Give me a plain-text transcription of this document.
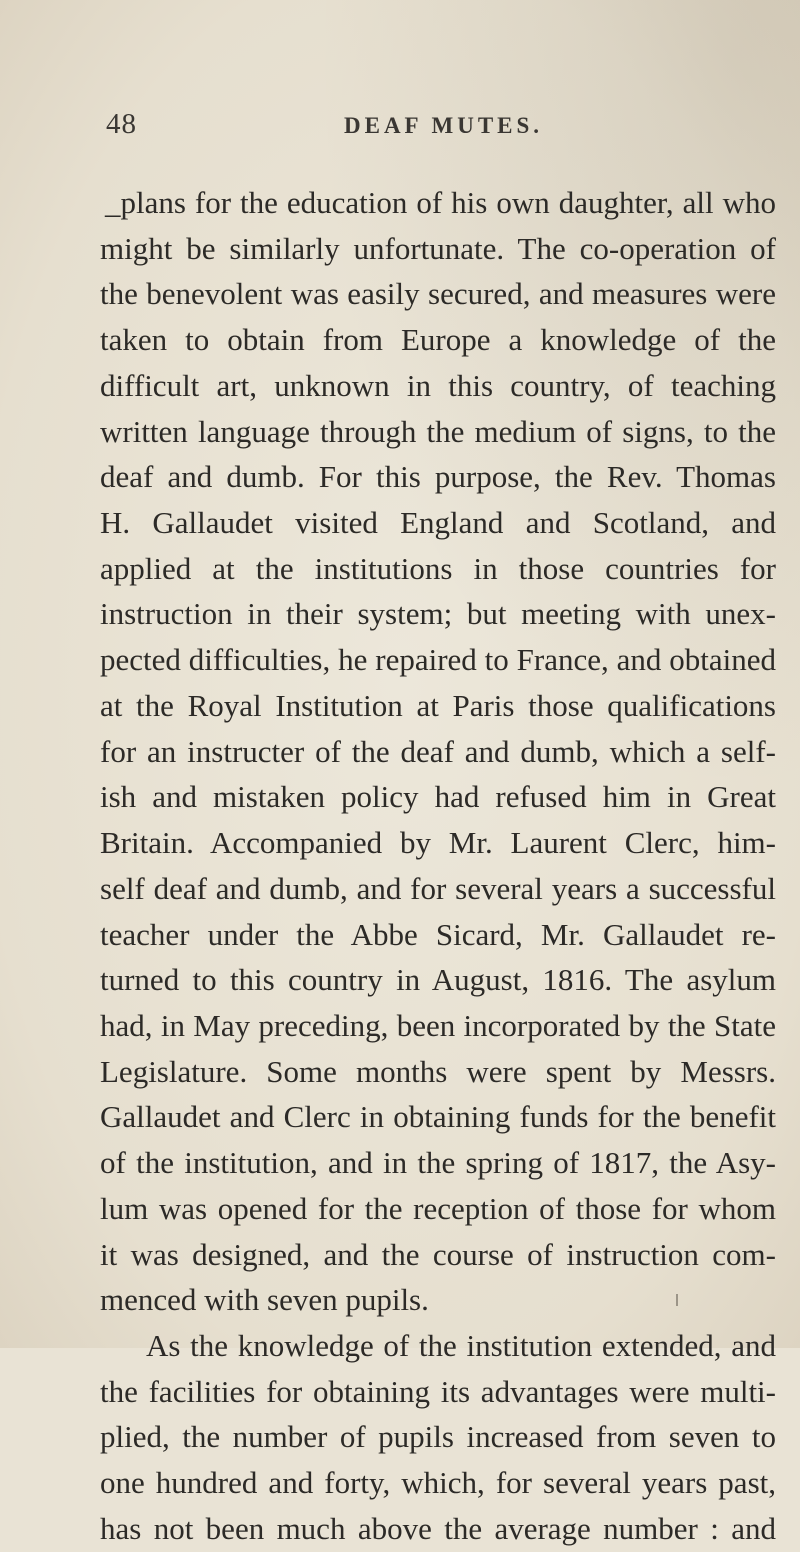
48	DEAF MUTES.
_plans for the education of his own daughter, all who
might be similarly unfortunate. The co-operation of
the benevolent was easily secured, and measures were
taken to obtain from Europe a knowledge of the
difficult art, unknown in this country, of teaching
written language through the medium of signs, to the
deaf and dumb. For this purpose, the Rev. Thomas
H. Gallaudet visited England and Scotland, and
applied at the institutions in those countries for
instruction in their system; but meeting with unex-
pected difficulties, he repaired to France, and obtained
at the Royal Institution at Paris those qualifications
for an instructer of the deaf and dumb, which a self-
ish and mistaken policy had refused him in Great
Britain. Accompanied by Mr. Laurent Clerc, him-
self deaf and dumb, and for several years a successful
teacher under the Abbe Sicard, Mr. Gallaudet re-
turned to this country in August, 1816. The asylum
had, in May preceding, been incorporated by the State
Legislature. Some months were spent by Messrs.
Gallaudet and Clerc in obtaining funds for the benefit
of the institution, and in the spring of 1817, the Asy-
lum was opened for the reception of those for whom
it was designed, and the course of instruction com-
menced with seven pupils.
As the knowledge of the institution extended, and
the facilities for obtaining its advantages were multi-
plied, the number of pupils increased from seven to
one hundred and forty, which, for several years past,
has not been much above the average number : and
